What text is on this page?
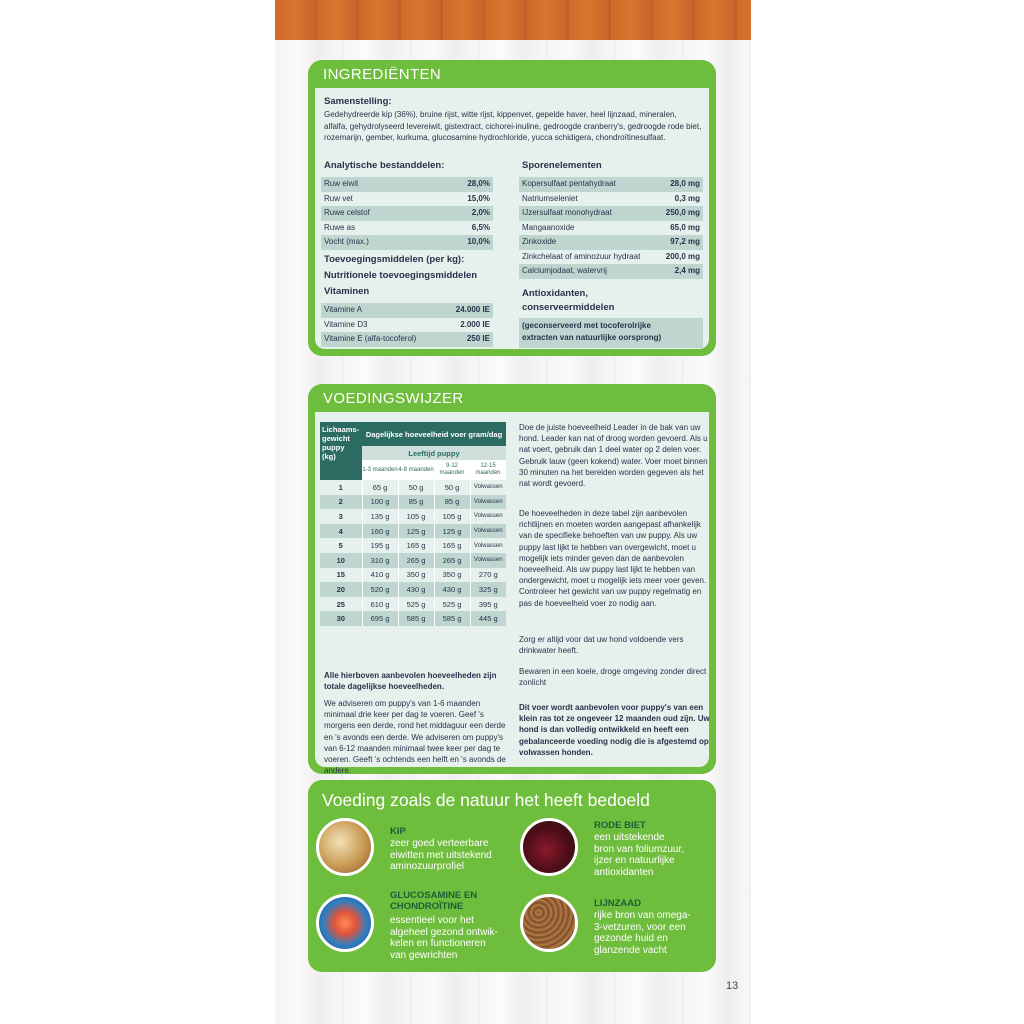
INGREDIËNTEN
Samenstelling:
Gedehydreerde kip (36%), bruine rijst, witte rijst, kippenvet, gepelde haver, heel lijnzaad, mineralen,
alfalfa, gehydrolyseerd levereiwit, gistextract, cichorei-inuline, gedroogde cranberry's, gedroogde rode biet,
rozemarijn, gember, kurkuma, glucosamine hydrochloride, yucca schidigera, chondroïtinesulfaat.
Analytische bestanddelen:
Ruw eiwit	28,0%
Ruw vet	15,0%
Ruwe celstof	2,0%
Ruwe as	6,5%
Vocht (max.)	10,0%
Toevoegingsmiddelen (per kg):
Nutritionele toevoegingsmiddelen
Vitaminen
Vitamine A	24.000 IE
Vitamine D3	2.000 IE
Vitamine E (alfa-tocoferol)	250 IE
Sporenelementen
Kopersulfaat pentahydraat	28,0 mg
Natriumseleniet	0,3 mg
IJzersulfaat monohydraat	250,0 mg
Mangaanoxide	65,0 mg
Zinkoxide	97,2 mg
Zinkchelaat of aminozuur hydraat	200,0 mg
Calciumjodaat, watervrij	2,4 mg
Antioxidanten,
conserveermiddelen
(geconserveerd met tocoferolrijke
extracten van natuurlijke oorsprong)
VOEDINGSWIJZER
Lichaams-gewicht puppy (kg)	Dagelijkse hoeveelheid voer gram/dag			
	Leeftijd puppy			
	1-3 maanden	4-8 maanden	9-12 maanden	12-15 maanden
1	65 g	50 g	50 g	Volwassen
2	100 g	85 g	85 g	Volwassen
3	135 g	105 g	105 g	Volwassen
4	160 g	125 g	125 g	Volwassen
5	195 g	165 g	165 g	Volwassen
10	310 g	265 g	265 g	Volwassen
15	410 g	350 g	350 g	270 g
20	520 g	430 g	430 g	325 g
25	610 g	525 g	525 g	395 g
30	695 g	585 g	585 g	445 g
Alle hierboven aanbevolen hoeveelheden zijn totale dagelijkse hoeveelheden.
We adviseren om puppy's van 1-6 maanden minimaal drie keer per dag te voeren. Geef 's morgens een derde, rond het middaguur een derde en 's avonds een derde. We adviseren om puppy's van 6-12 maanden minimaal twee keer per dag te voeren. Geeft 's ochtends een helft en 's avonds de andere.
Doe de juiste hoeveelheid Leader in de bak van uw hond. Leader kan nat of droog worden gevoerd. Als u nat voert, gebruik dan 1 deel water op 2 delen voer. Gebruik lauw (geen kokend) water. Voer moet binnen 30 minuten na het bereiden worden gegeven als het nat wordt gevoerd.
De hoeveelheden in deze tabel zijn aanbevolen richtlijnen en moeten worden aangepast afhankelijk van de specifieke behoeften van uw puppy. Als uw puppy last lijkt te hebben van overgewicht, moet u mogelijk iets minder geven dan de aanbevolen hoeveelheid. Als uw puppy last lijkt te hebben van ondergewicht, moet u mogelijk iets meer voer geven. Controleer het gewicht van uw puppy regelmatig en pas de hoeveelheid voer zo nodig aan.
Zorg er altijd voor dat uw hond voldoende vers drinkwater heeft.
Bewaren in een koele, droge omgeving zonder direct zonlicht
Dit voer wordt aanbevolen voor puppy's van een klein ras tot ze ongeveer 12 maanden oud zijn. Uw hond is dan volledig ontwikkeld en heeft een gebalanceerde voeding nodig die is afgestemd op volwassen honden.
Voeding zoals de natuur het heeft bedoeld
KIP
zeer goed verteerbare
eiwitten met uitstekend
aminozuurprofiel
RODE BIET
een uitstekende
bron van foliumzuur,
ijzer en natuurlijke
antioxidanten
GLUCOSAMINE EN CHONDROÏTINE
essentieel voor het
algeheel gezond ontwik-
kelen en functioneren
van gewrichten
LIJNZAAD
rijke bron van omega-
3-vetzuren, voor een
gezonde huid en
glanzende vacht
13
